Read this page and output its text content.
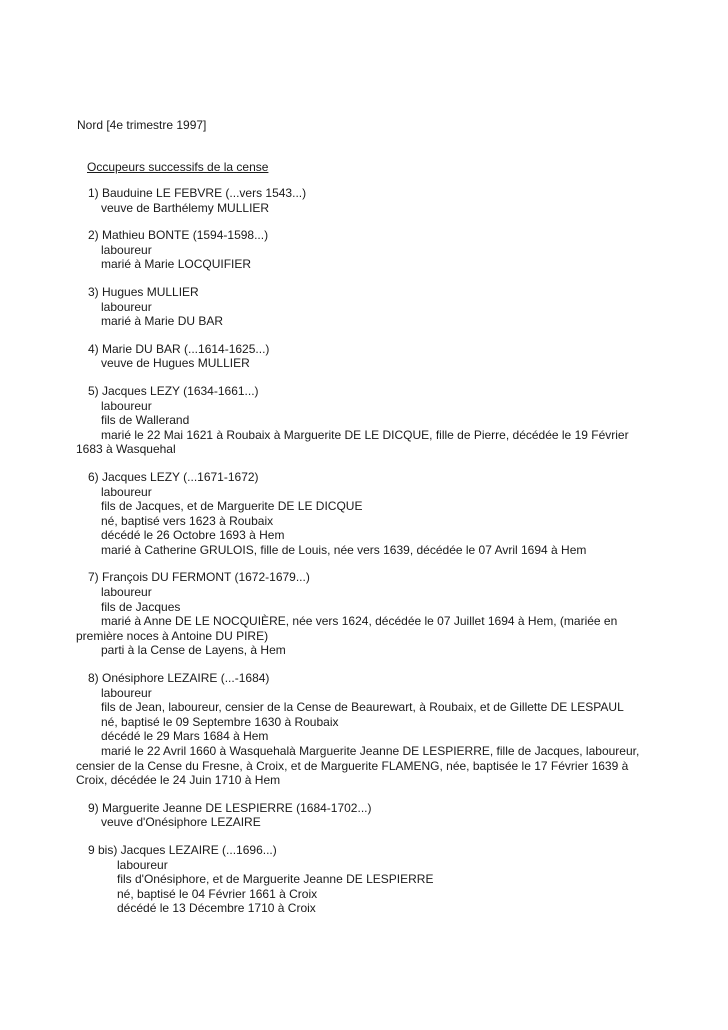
Nord [4e trimestre 1997]
Occupeurs successifs de la cense
1) Bauduine LE FEBVRE (...vers 1543...)
veuve de Barthélemy MULLIER
2) Mathieu BONTE (1594-1598...)
laboureur
marié à Marie LOCQUIFIER
3) Hugues MULLIER
laboureur
marié à Marie DU BAR
4) Marie DU BAR (...1614-1625...)
veuve de Hugues MULLIER
5) Jacques LEZY (1634-1661...)
laboureur
fils de Wallerand
marié le 22 Mai 1621 à Roubaix à Marguerite DE LE DICQUE, fille de Pierre, décédée le 19 Février 1683 à Wasquehal
6) Jacques LEZY (...1671-1672)
laboureur
fils de Jacques, et de Marguerite DE LE DICQUE
né, baptisé vers 1623 à Roubaix
décédé le 26 Octobre 1693 à Hem
marié à Catherine GRULOIS, fille de Louis, née vers 1639, décédée le 07 Avril 1694 à Hem
7) François DU FERMONT (1672-1679...)
laboureur
fils de Jacques
marié à Anne DE LE NOCQUIÈRE, née vers 1624, décédée le 07 Juillet 1694 à Hem, (mariée en première noces à Antoine DU PIRE)
parti à la Cense de Layens, à Hem
8) Onésiphore LEZAIRE (...-1684)
laboureur
fils de Jean, laboureur, censier de la Cense de Beaurewart, à Roubaix, et de Gillette DE LESPAUL
né, baptisé le 09 Septembre 1630 à Roubaix
décédé le 29 Mars 1684 à Hem
marié le 22 Avril 1660 à Wasquehalà Marguerite Jeanne DE LESPIERRE, fille de Jacques, laboureur, censier de la Cense du Fresne, à Croix, et de Marguerite FLAMENG, née, baptisée le 17 Février 1639 à Croix, décédée le 24 Juin 1710 à Hem
9) Marguerite Jeanne DE LESPIERRE (1684-1702...)
veuve d'Onésiphore LEZAIRE
9 bis) Jacques LEZAIRE (...1696...)
laboureur
fils d'Onésiphore, et de Marguerite Jeanne DE LESPIERRE
né, baptisé le 04 Février 1661 à Croix
décédé le 13 Décembre 1710 à Croix
